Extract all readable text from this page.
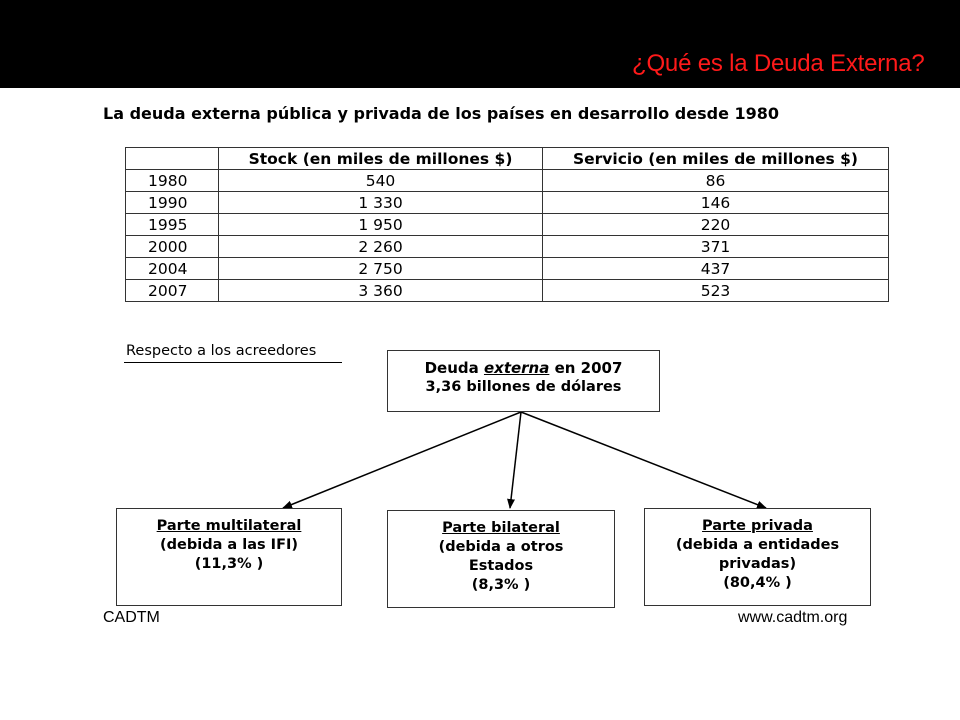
¿Qué es la Deuda Externa?
La deuda externa pública y privada de los países en desarrollo desde 1980
	Stock (en miles de millones $)	Servicio (en miles de millones $)
1980	540	86
1990	1 330	146
1995	1 950	220
2000	2 260	371
2004	2 750	437
2007	3 360	523
Respecto a los acreedores
Deuda externa en 2007
3,36 billones de dólares
Parte multilateral
(debida a las IFI)
(11,3% )
Parte bilateral
(debida a otros
Estados
(8,3% )
Parte privada
(debida a entidades
privadas)
(80,4% )
CADTM	www.cadtm.org
